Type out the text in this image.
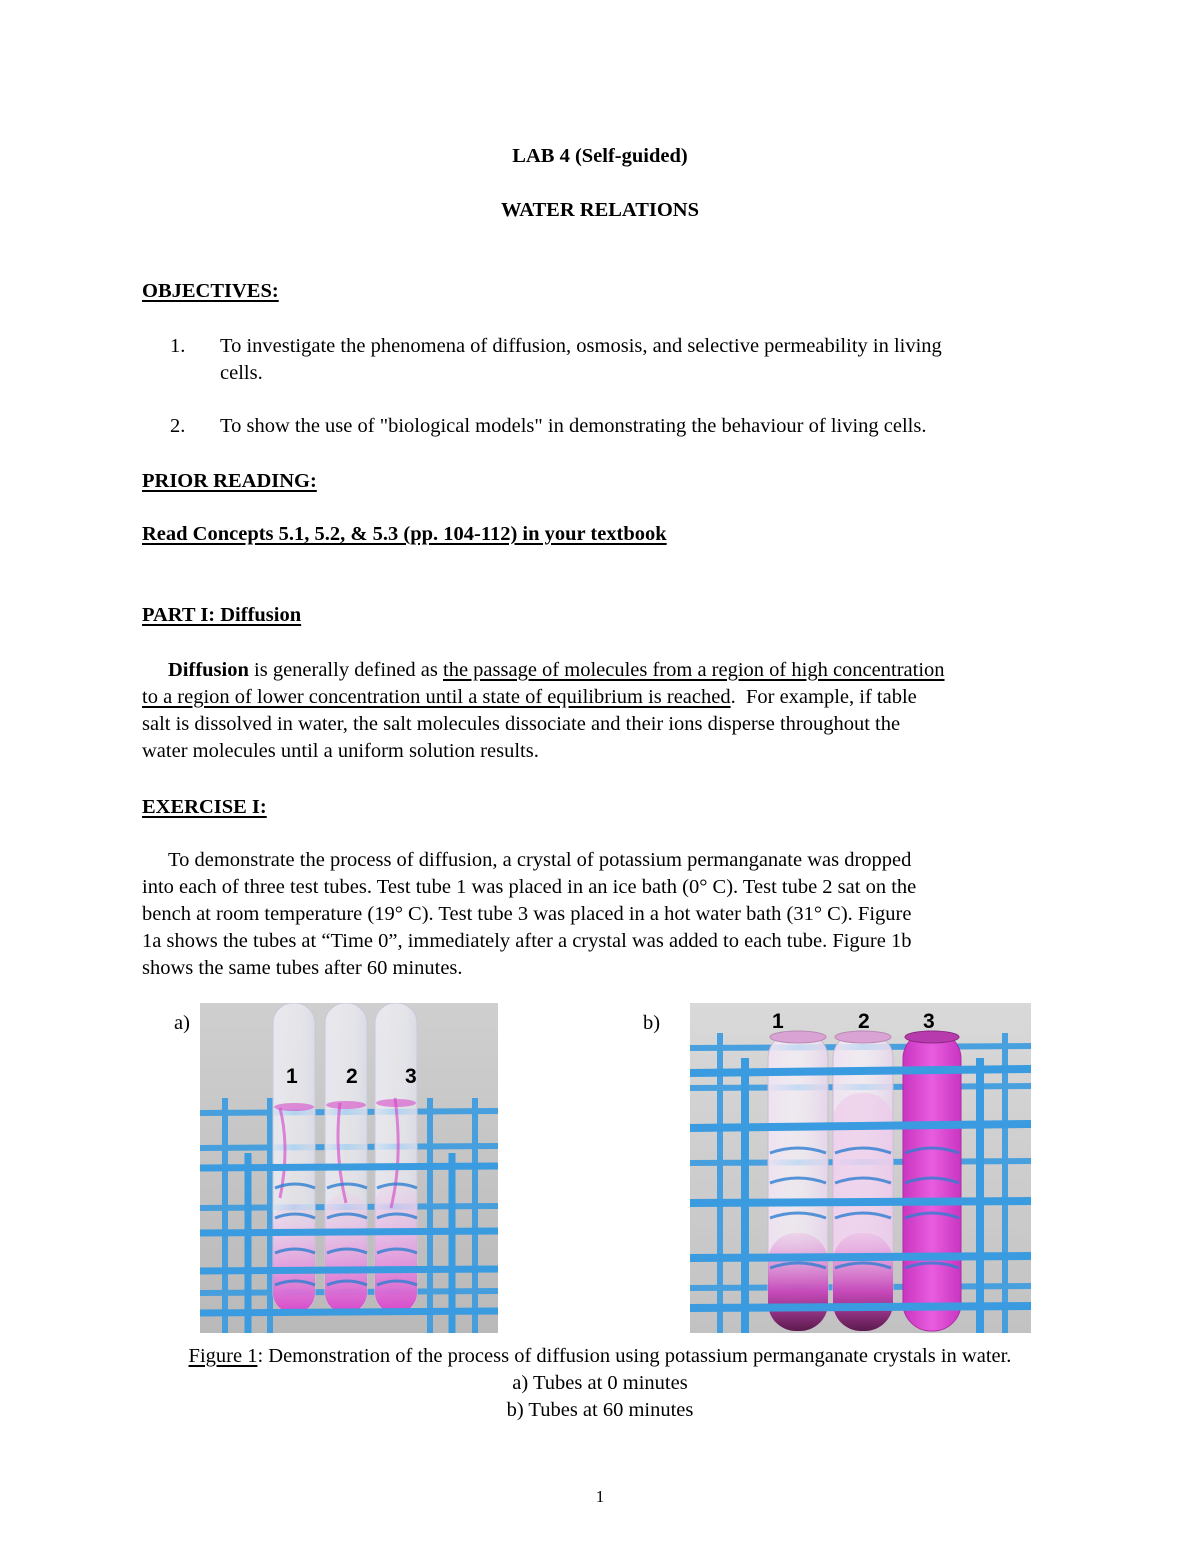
LAB 4 (Self-guided)
WATER RELATIONS
OBJECTIVES:
1. To investigate the phenomena of diffusion, osmosis, and selective permeability in living
cells.
2. To show the use of "biological models" in demonstrating the behaviour of living cells.
PRIOR READING:
Read Concepts 5.1, 5.2, & 5.3 (pp. 104-112) in your textbook
PART I: Diffusion
Diffusion is generally defined as the passage of molecules from a region of high concentration
to a region of lower concentration until a state of equilibrium is reached.  For example, if table
salt is dissolved in water, the salt molecules dissociate and their ions disperse throughout the
water molecules until a uniform solution results.
EXERCISE I:
To demonstrate the process of diffusion, a crystal of potassium permanganate was dropped
into each of three test tubes. Test tube 1 was placed in an ice bath (0° C). Test tube 2 sat on the
bench at room temperature (19° C). Test tube 3 was placed in a hot water bath (31° C). Figure
1a shows the tubes at “Time 0”, immediately after a crystal was added to each tube. Figure 1b
shows the same tubes after 60 minutes.
a)	b)
1 2 3
1	2	3
Figure 1: Demonstration of the process of diffusion using potassium permanganate crystals in water.
a) Tubes at 0 minutes
b) Tubes at 60 minutes
1
